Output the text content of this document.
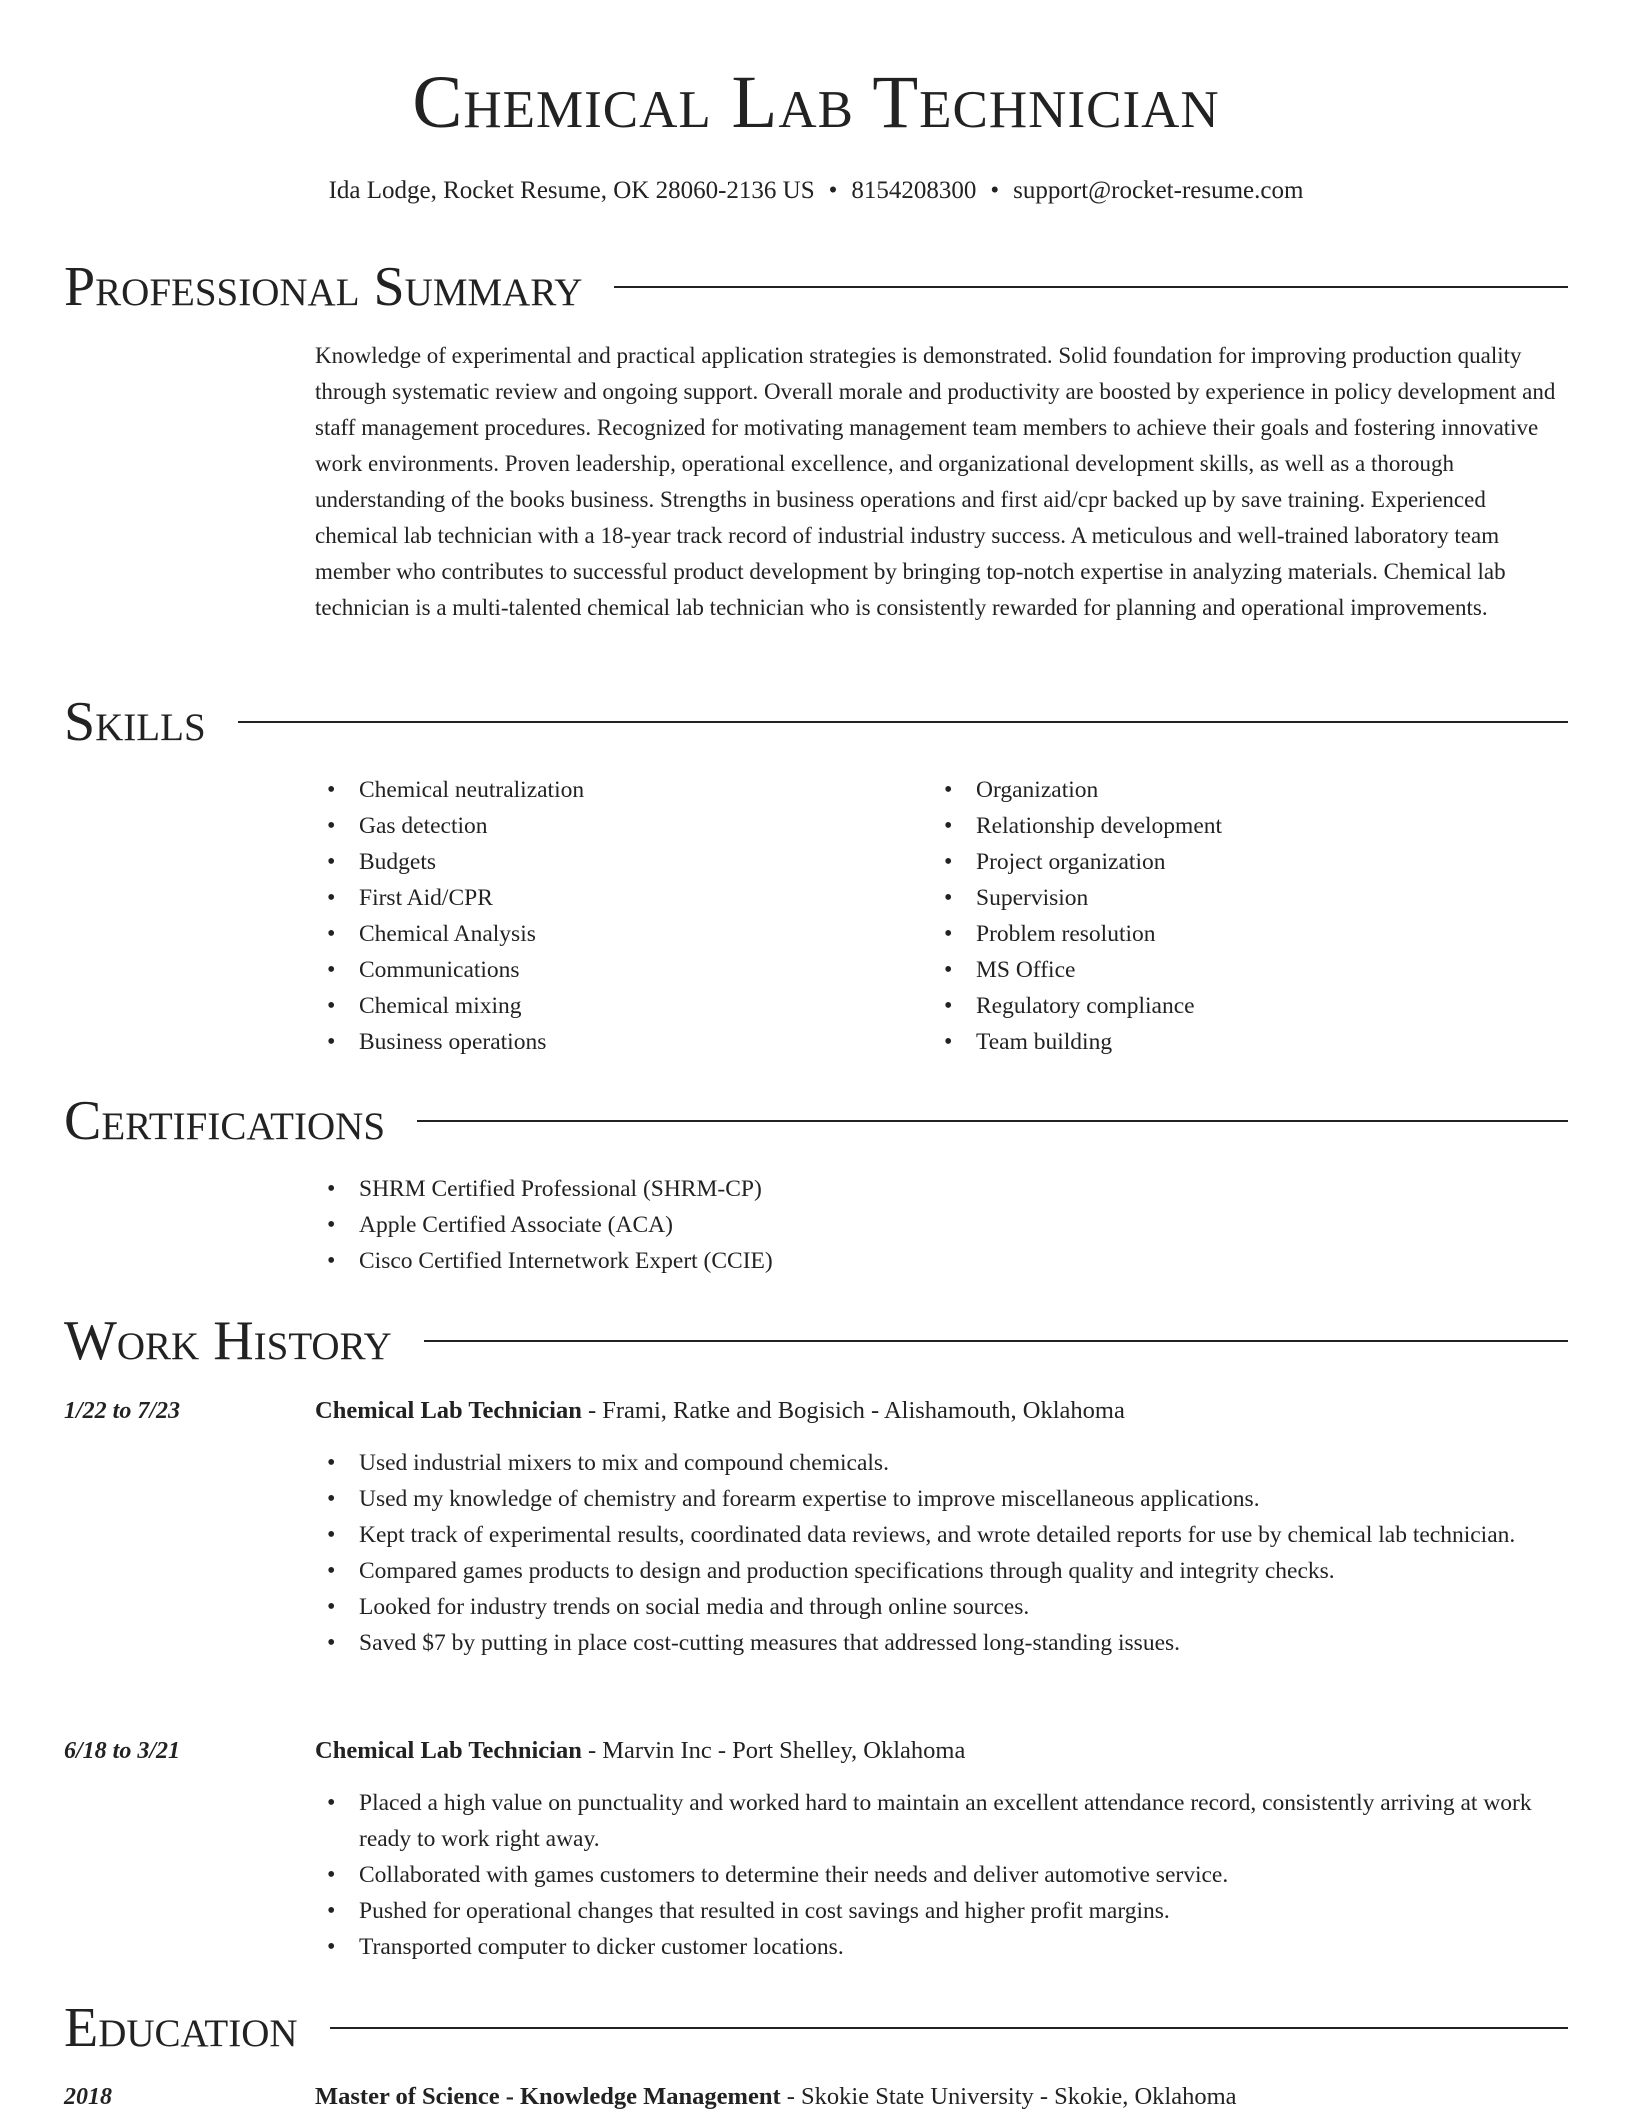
Chemical Lab Technician
Ida Lodge, Rocket Resume, OK 28060-2136 US • 8154208300 • support@rocket-resume.com
Professional Summary
Knowledge of experimental and practical application strategies is demonstrated. Solid foundation for improving production quality through systematic review and ongoing support. Overall morale and productivity are boosted by experience in policy development and staff management procedures. Recognized for motivating management team members to achieve their goals and fostering innovative work environments. Proven leadership, operational excellence, and organizational development skills, as well as a thorough understanding of the books business. Strengths in business operations and first aid/cpr backed up by save training. Experienced chemical lab technician with a 18-year track record of industrial industry success. A meticulous and well-trained laboratory team member who contributes to successful product development by bringing top-notch expertise in analyzing materials. Chemical lab technician is a multi-talented chemical lab technician who is consistently rewarded for planning and operational improvements.
Skills
• Chemical neutralization
• Gas detection
• Budgets
• First Aid/CPR
• Chemical Analysis
• Communications
• Chemical mixing
• Business operations
• Organization
• Relationship development
• Project organization
• Supervision
• Problem resolution
• MS Office
• Regulatory compliance
• Team building
Certifications
• SHRM Certified Professional (SHRM-CP)
• Apple Certified Associate (ACA)
• Cisco Certified Internetwork Expert (CCIE)
Work History
1/22 to 7/23	Chemical Lab Technician - Frami, Ratke and Bogisich - Alishamouth, Oklahoma
• Used industrial mixers to mix and compound chemicals.
• Used my knowledge of chemistry and forearm expertise to improve miscellaneous applications.
• Kept track of experimental results, coordinated data reviews, and wrote detailed reports for use by chemical lab technician.
• Compared games products to design and production specifications through quality and integrity checks.
• Looked for industry trends on social media and through online sources.
• Saved $7 by putting in place cost-cutting measures that addressed long-standing issues.
6/18 to 3/21	Chemical Lab Technician - Marvin Inc - Port Shelley, Oklahoma
• Placed a high value on punctuality and worked hard to maintain an excellent attendance record, consistently arriving at work ready to work right away.
• Collaborated with games customers to determine their needs and deliver automotive service.
• Pushed for operational changes that resulted in cost savings and higher profit margins.
• Transported computer to dicker customer locations.
Education
2018	Master of Science - Knowledge Management - Skokie State University - Skokie, Oklahoma
